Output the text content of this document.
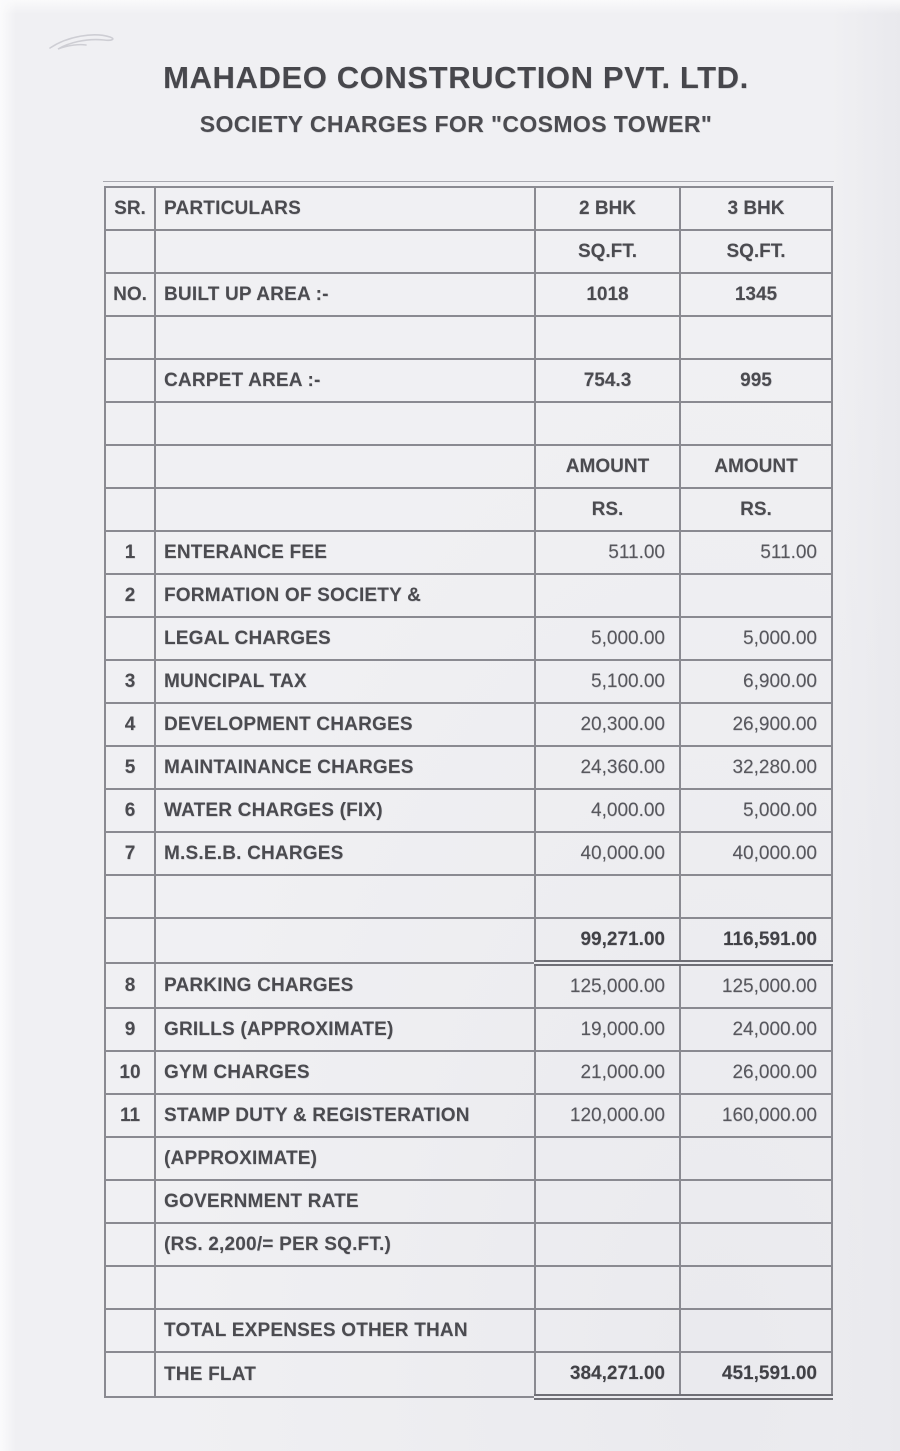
MAHADEO CONSTRUCTION PVT. LTD.
SOCIETY CHARGES FOR "COSMOS TOWER"
SR.	PARTICULARS	2 BHK	3 BHK
		SQ.FT.	SQ.FT.
NO.	BUILT UP AREA :-	1018	1345

	CARPET AREA :-	754.3	995

		AMOUNT	AMOUNT
		RS.	RS.
1	ENTERANCE FEE	511.00	511.00
2	FORMATION OF SOCIETY &		
	LEGAL CHARGES	5,000.00	5,000.00
3	MUNCIPAL TAX	5,100.00	6,900.00
4	DEVELOPMENT CHARGES	20,300.00	26,900.00
5	MAINTAINANCE CHARGES	24,360.00	32,280.00
6	WATER CHARGES (FIX)	4,000.00	5,000.00
7	M.S.E.B. CHARGES	40,000.00	40,000.00

		99,271.00	116,591.00
8	PARKING CHARGES	125,000.00	125,000.00
9	GRILLS (APPROXIMATE)	19,000.00	24,000.00
10	GYM CHARGES	21,000.00	26,000.00
11	STAMP DUTY & REGISTERATION	120,000.00	160,000.00
	(APPROXIMATE)		
	GOVERNMENT RATE		
	(RS. 2,200/= PER SQ.FT.)		

	TOTAL EXPENSES OTHER THAN		
	THE FLAT	384,271.00	451,591.00
